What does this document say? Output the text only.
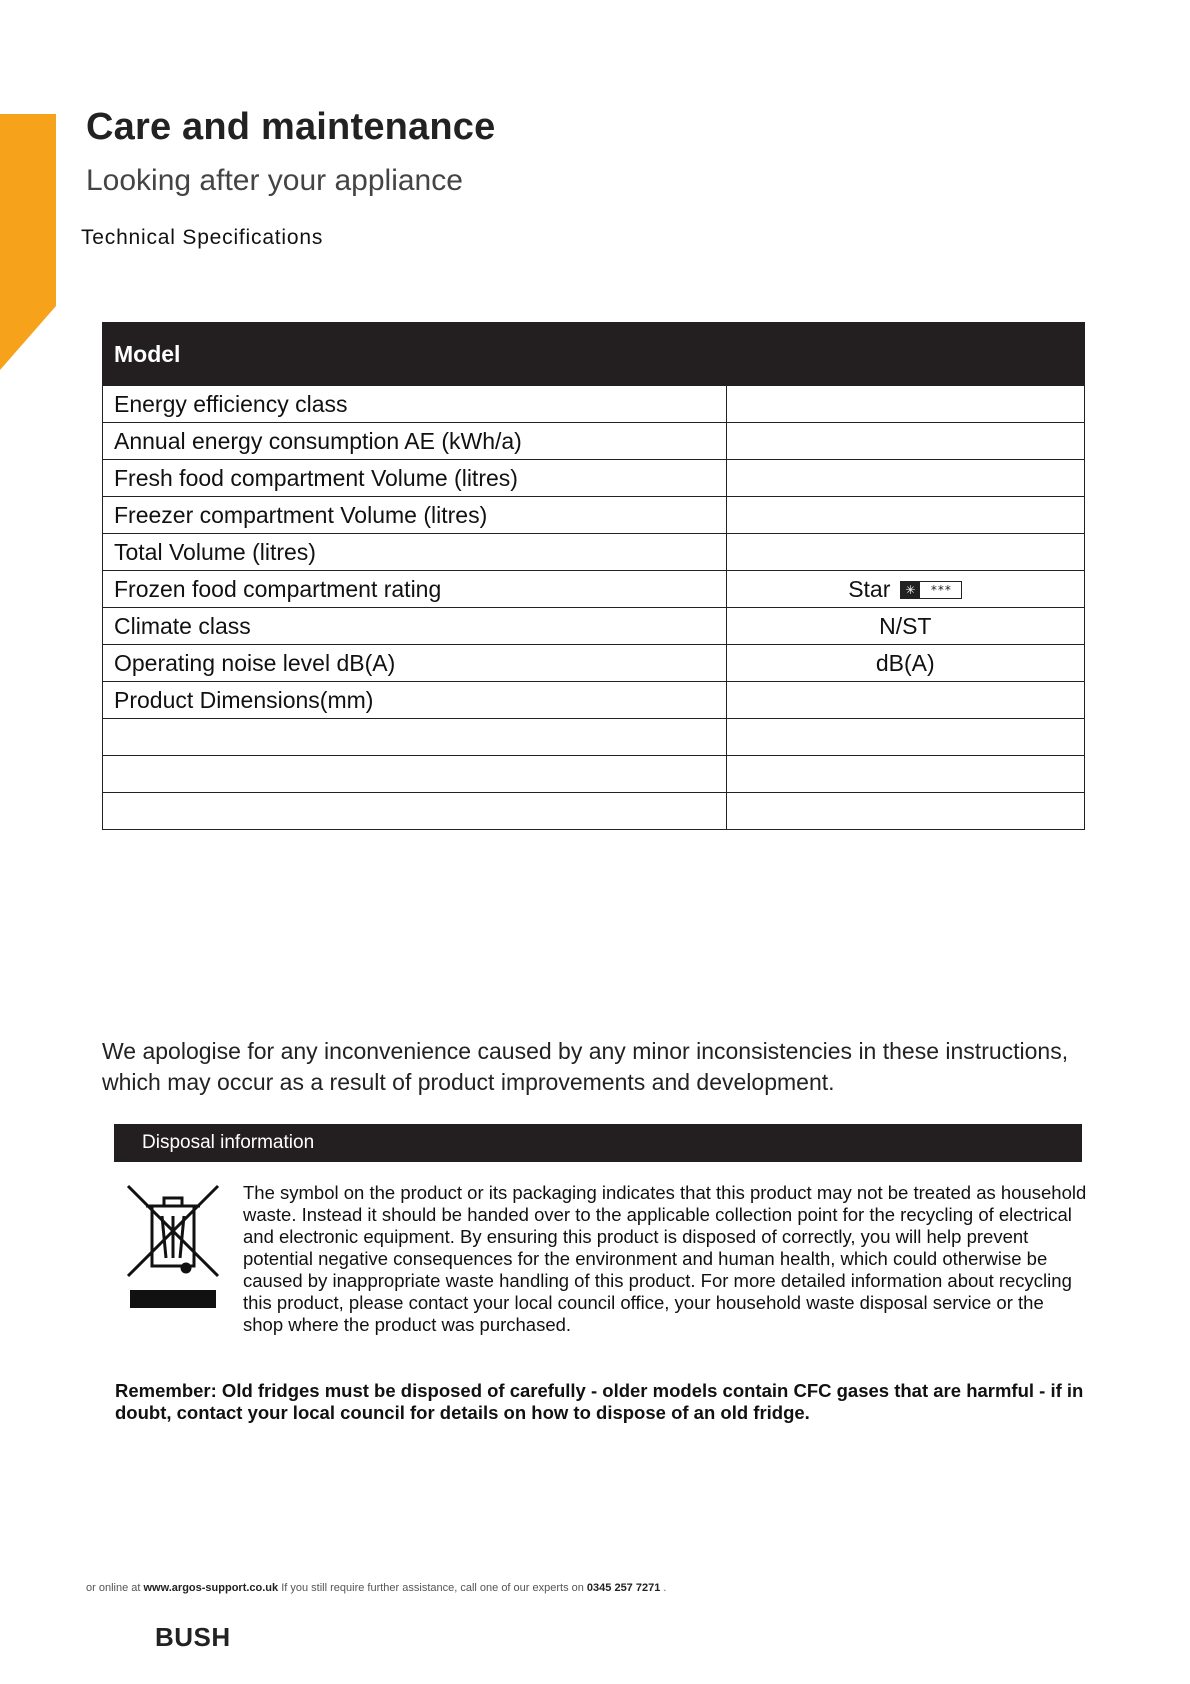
Care and maintenance
Looking after your appliance
Technical Specifications
Model	
Energy efficiency class	
Annual energy consumption AE (kWh/a)	
Fresh food compartment Volume (litres)	
Freezer compartment Volume (litres)	
Total Volume (litres)	
Frozen food compartment rating	Star ✳ ***

Climate class	N/ST
Operating noise level dB(A)	dB(A)
Product Dimensions(mm)	

We apologise for any inconvenience caused by any minor inconsistencies in these instructions, which may occur as a result of product improvements and development.
Disposal information
The symbol on the product or its packaging indicates that this product may not be treated as household waste. Instead it should be handed over to the applicable collection point for the recycling of electrical and electronic equipment. By ensuring this product is disposed of correctly, you will help prevent potential negative consequences for the environment and human health, which could otherwise be caused by inappropriate waste handling of this product. For more detailed information about recycling this product, please contact your local council office, your household waste disposal service or the shop where the product was purchased.
Remember: Old fridges must be disposed of carefully - older models contain CFC gases that are harmful - if in doubt, contact your local council for details on how to dispose of an old fridge.
or online at www.argos-support.co.uk If you still require further assistance, call one of our experts on 0345 257 7271 .
BUSH
